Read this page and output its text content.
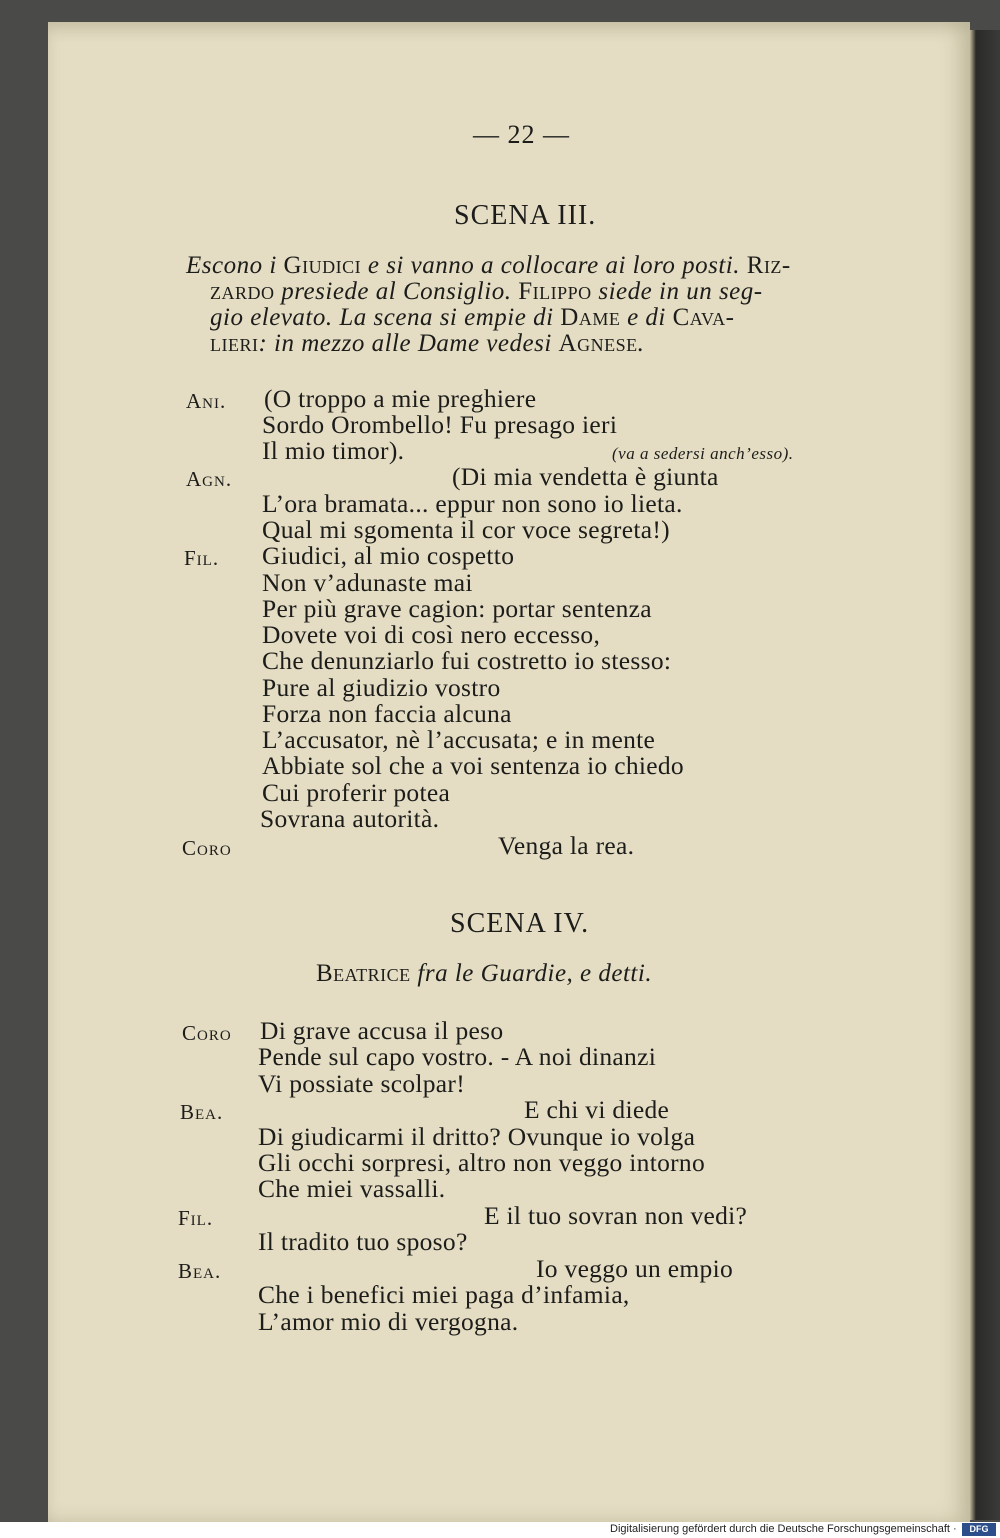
— 22 —
SCENA III.
Escono i Giudici e si vanno a collocare ai loro posti. Riz-
zardo presiede al Consiglio. Filippo siede in un seg-
gio elevato. La scena si empie di Dame e di Cava-
lieri: in mezzo alle Dame vedesi Agnese.
Ani. (O troppo a mie preghiere
Sordo Orombello! Fu presago ieri
Il mio timor).	(va a sedersi anch’esso).
Agn.	(Di mia vendetta è giunta
L’ora bramata... eppur non sono io lieta.
Qual mi sgomenta il cor voce segreta!)
Fil. Giudici, al mio cospetto
Non v’adunaste mai
Per più grave cagion: portar sentenza
Dovete voi di così nero eccesso,
Che denunziarlo fui costretto io stesso:
Pure al giudizio vostro
Forza non faccia alcuna
L’accusator, nè l’accusata; e in mente
Abbiate sol che a voi sentenza io chiedo
Cui proferir potea
Sovrana autorità.
Coro	Venga la rea.
SCENA IV.
Beatrice fra le Guardie, e detti.
Coro Di grave accusa il peso
Pende sul capo vostro. - A noi dinanzi
Vi possiate scolpar!
Bea.	E chi vi diede
Di giudicarmi il dritto? Ovunque io volga
Gli occhi sorpresi, altro non veggo intorno
Che miei vassalli.
Fil.	E il tuo sovran non vedi?
Il tradito tuo sposo?
Bea.	Io veggo un empio
Che i benefici miei paga d’infamia,
L’amor mio di vergogna.
Digitalisierung gefördert durch die Deutsche Forschungsgemeinschaft ·	DFG
